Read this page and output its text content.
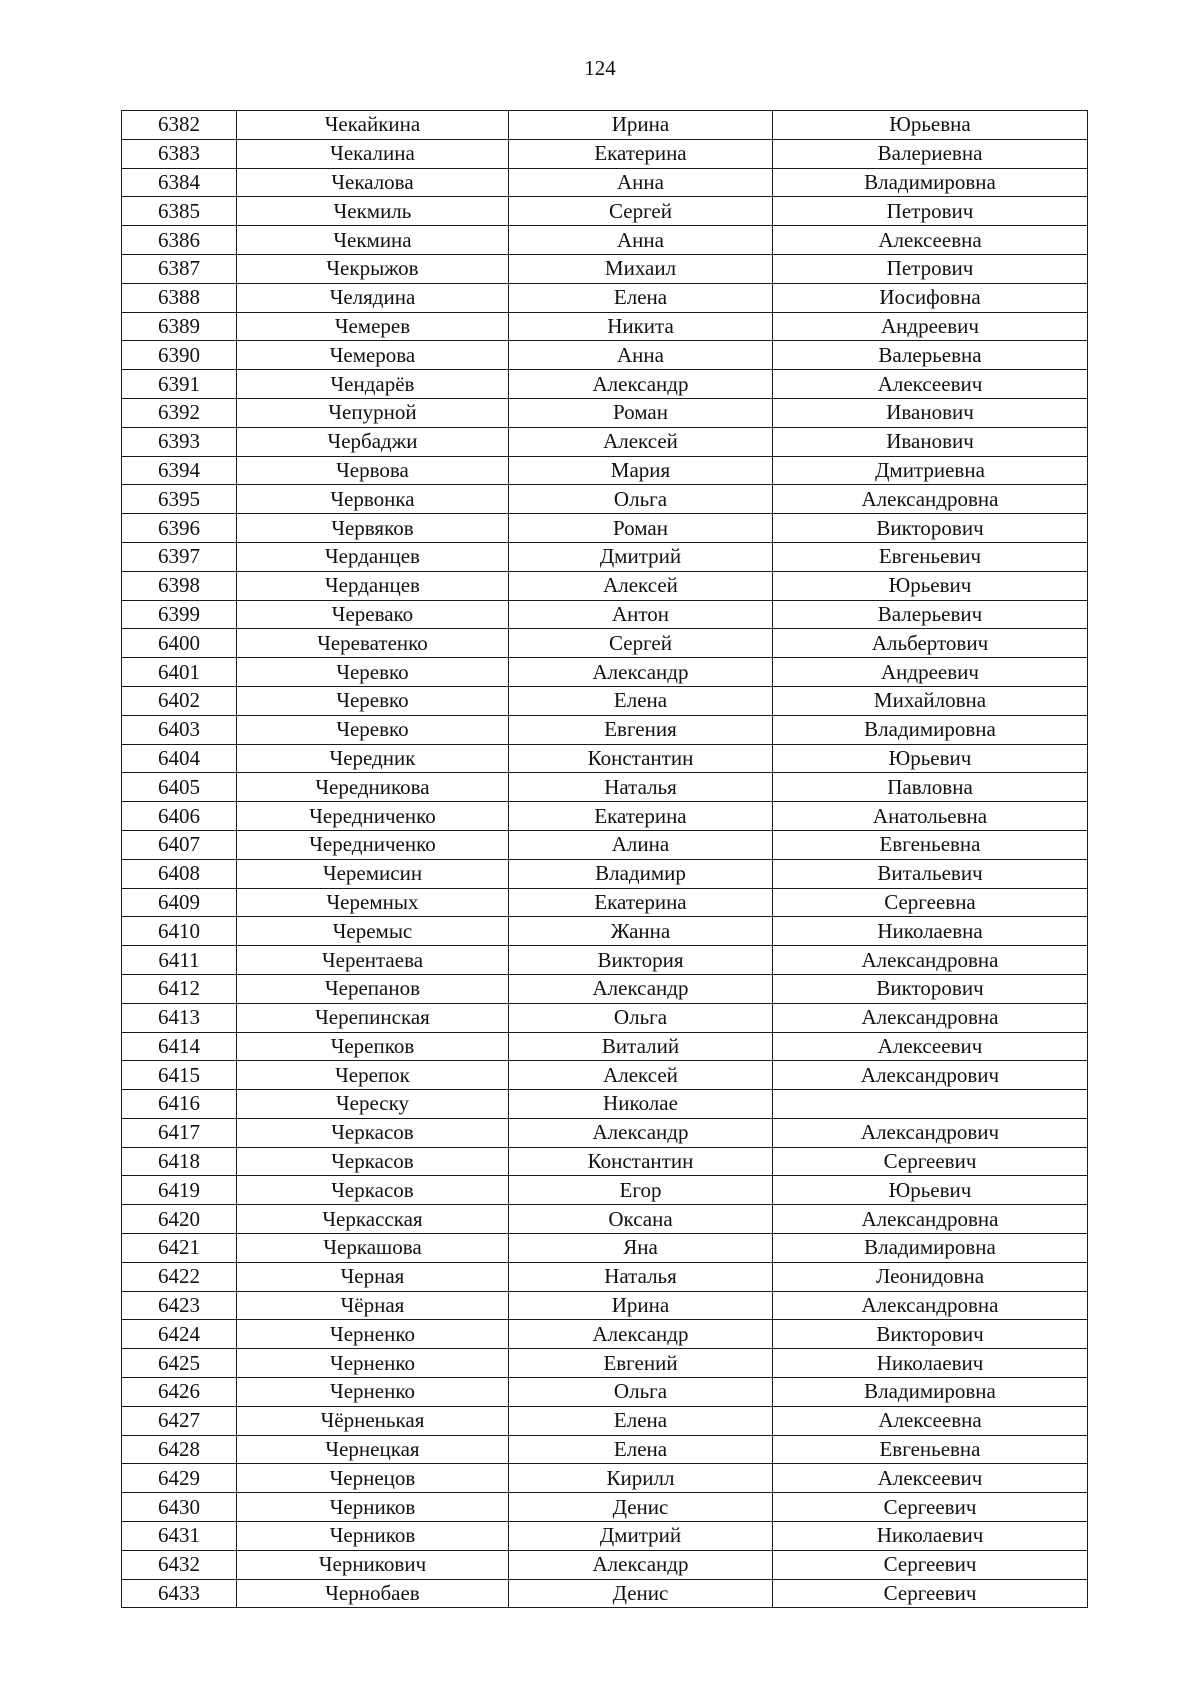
124
6382	Чекайкина	Ирина	Юрьевна
6383	Чекалина	Екатерина	Валериевна
6384	Чекалова	Анна	Владимировна
6385	Чекмиль	Сергей	Петрович
6386	Чекмина	Анна	Алексеевна
6387	Чекрыжов	Михаил	Петрович
6388	Челядина	Елена	Иосифовна
6389	Чемерев	Никита	Андреевич
6390	Чемерова	Анна	Валерьевна
6391	Чендарёв	Александр	Алексеевич
6392	Чепурной	Роман	Иванович
6393	Чербаджи	Алексей	Иванович
6394	Червова	Мария	Дмитриевна
6395	Червонка	Ольга	Александровна
6396	Червяков	Роман	Викторович
6397	Черданцев	Дмитрий	Евгеньевич
6398	Черданцев	Алексей	Юрьевич
6399	Черевако	Антон	Валерьевич
6400	Череватенко	Сергей	Альбертович
6401	Черевко	Александр	Андреевич
6402	Черевко	Елена	Михайловна
6403	Черевко	Евгения	Владимировна
6404	Чередник	Константин	Юрьевич
6405	Чередникова	Наталья	Павловна
6406	Чередниченко	Екатерина	Анатольевна
6407	Чередниченко	Алина	Евгеньевна
6408	Черемисин	Владимир	Витальевич
6409	Черемных	Екатерина	Сергеевна
6410	Черемыс	Жанна	Николаевна
6411	Черентаева	Виктория	Александровна
6412	Черепанов	Александр	Викторович
6413	Черепинская	Ольга	Александровна
6414	Черепков	Виталий	Алексеевич
6415	Черепок	Алексей	Александрович
6416	Череску	Николае	
6417	Черкасов	Александр	Александрович
6418	Черкасов	Константин	Сергеевич
6419	Черкасов	Егор	Юрьевич
6420	Черкасская	Оксана	Александровна
6421	Черкашова	Яна	Владимировна
6422	Черная	Наталья	Леонидовна
6423	Чёрная	Ирина	Александровна
6424	Черненко	Александр	Викторович
6425	Черненко	Евгений	Николаевич
6426	Черненко	Ольга	Владимировна
6427	Чёрненькая	Елена	Алексеевна
6428	Чернецкая	Елена	Евгеньевна
6429	Чернецов	Кирилл	Алексеевич
6430	Черников	Денис	Сергеевич
6431	Черников	Дмитрий	Николаевич
6432	Черникович	Александр	Сергеевич
6433	Чернобаев	Денис	Сергеевич
